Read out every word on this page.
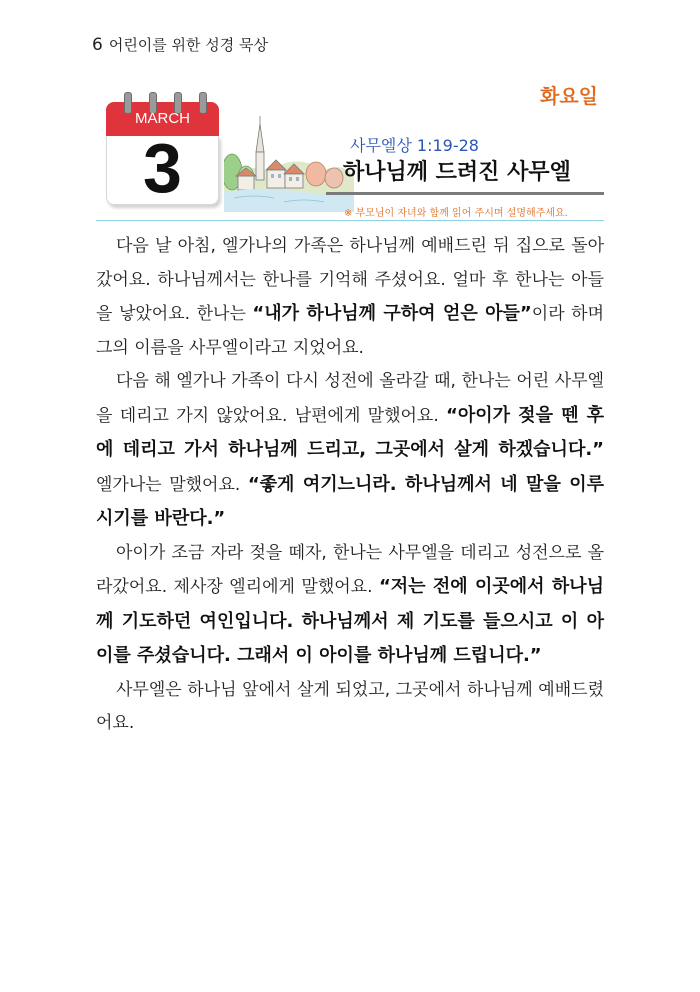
6 어린이를 위한 성경 묵상
화요일
MARCH
3	사무엘상 1:19-28
하나님께 드려진 사무엘
※ 부모님이 자녀와 함께 읽어 주시며 설명해주세요.

다음 날 아침, 엘가나의 가족은 하나님께 예배드린 뒤 집으로 돌아갔어요. 하나님께서는 한나를 기억해 주셨어요. 얼마 후 한나는 아들을 낳았어요. 한나는 “내가 하나님께 구하여 얻은 아들”이라 하며 그의 이름을 사무엘이라고 지었어요.

다음 해 엘가나 가족이 다시 성전에 올라갈 때, 한나는 어린 사무엘을 데리고 가지 않았어요. 남편에게 말했어요. “아이가 젖을 뗀 후에 데리고 가서 하나님께 드리고, 그곳에서 살게 하겠습니다.” 엘가나는 말했어요. “좋게 여기느니라. 하나님께서 네 말을 이루시기를 바란다.”

아이가 조금 자라 젖을 떼자, 한나는 사무엘을 데리고 성전으로 올라갔어요. 제사장 엘리에게 말했어요. “저는 전에 이곳에서 하나님께 기도하던 여인입니다. 하나님께서 제 기도를 들으시고 이 아이를 주셨습니다. 그래서 이 아이를 하나님께 드립니다.”

사무엘은 하나님 앞에서 살게 되었고, 그곳에서 하나님께 예배드렸어요.
